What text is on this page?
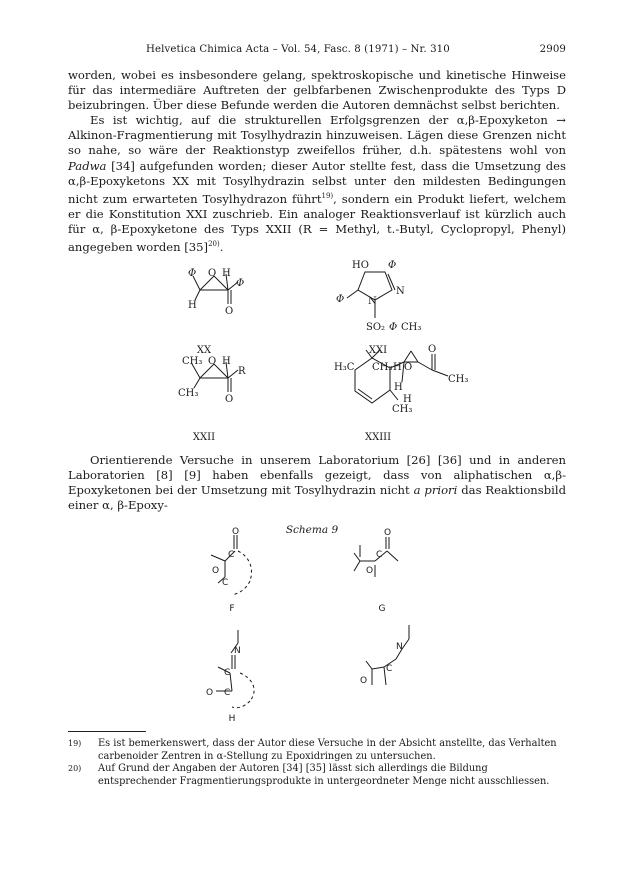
Helvetica Chimica Acta – Vol. 54, Fasc. 8 (1971) – Nr. 310	2909

worden, wobei es insbesondere gelang, spektroskopische und kinetische Hinweise für das intermediäre Auftreten der gelbfarbenen Zwischenprodukte des Typs D beizubringen. Über diese Befunde werden die Autoren demnächst selbst berichten.

Es ist wichtig, auf die strukturellen Erfolgsgrenzen der α,β-Epoxyketon → Alkinon-Fragmentierung mit Tosylhydrazin hinzuweisen. Lägen diese Grenzen nicht so nahe, so wäre der Reaktionstyp zweifellos früher, d.h. spätestens wohl von Padwa [34] aufgefunden worden; dieser Autor stellte fest, dass die Umsetzung des α,β-Epoxyketons XX mit Tosylhydrazin selbst unter den mildesten Bedingungen nicht zum erwarteten Tosylhydrazon führt$^{19)}$, sondern ein Produkt liefert, welchem er die Konstitution XXI zuschrieb. Ein analoger Reaktionsverlauf ist kürzlich auch für α, β-Epoxyketone des Typs XXII (R = Methyl, t.-Butyl, Cyclopropyl, Phenyl) angegeben worden $[35]^{20)}$.

Φ O H
Φ
H
O
XX
HO Φ
N
N
Φ
SO₂ Φ CH₃
XXI
CH₃ O H
R
CH₃
O
XXII
H₃C CH₃ H O
O
CH₃
H
H
CH₃
XXIII

Orientierende Versuche in unserem Laboratorium [26] [36] und in anderen Laboratorien [8] [9] haben ebenfalls gezeigt, dass von aliphatischen α,β-Epoxyketonen bei der Umsetzung mit Tosylhydrazin nicht a priori das Reaktionsbild einer α, β-Epoxy-

Schema 9
O
C
O
C
F
O
C
O
G
N
C
O C
N
C
O
H
19)	Es ist bemerkenswert, dass der Autor diese Versuche in der Absicht anstellte, das Verhalten carbenoider Zentren in α-Stellung zu Epoxidringen zu untersuchen.
20)	Auf Grund der Angaben der Autoren [34] [35] lässt sich allerdings die Bildung entsprechender Fragmentierungsprodukte in untergeordneter Menge nicht ausschliessen.
